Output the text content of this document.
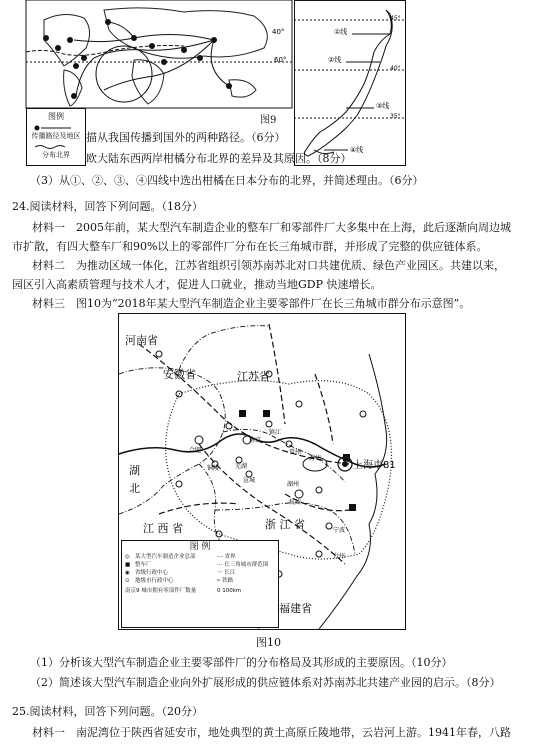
40°
60°
图例
传播路径及地区
分布北界
图9
①线
②线
③线
④线
45°
40°
35°
描从我国传播到国外的两种路径。（6分）
欧大陆东西两岸柑橘分布北界的差异及其原因。（8分）
（3）从①、②、③、④四线中选出柑橘在日本分布的北界，并简述理由。（6分）
24.阅读材料，回答下列问题。（18分）
材料一　2005年前，某大型汽车制造企业的整车厂和零部件厂大多集中在上海，此后逐渐向周边城
市扩散，有四大整车厂和90%以上的零部件厂分布在长三角城市群，并形成了完整的供应链体系。
材料二　为推动区域一体化，江苏省组织引领苏南苏北对口共建优质、绿色产业园区。共建以来，
园区引入高素质管理与技术人才，促进人口就业，推动当地GDP 快速增长。
材料三　图10为“2018年某大型汽车制造企业主要零部件厂在长三角城市群分布示意图”。
河南省
安徽省	江苏省
湖
北
江 西 省	浙 江 省
福建省
上海市81
合肥
杭州
苏州
南京
台州
湖州
镇江
常州
铜陵	芜湖
宣城
宁波
图 例
◎ 某大型汽车制造企业总部
■ 整车厂
◉ 省级行政中心
⊙ 地级市行政中心
南京9 城市拥有零部件厂数量
-·- 省界
⋯ 长三角城市群范围
～ 长江
┅ 铁路
0 100km
图10
（1）分析该大型汽车制造企业主要零部件厂的分布格局及其形成的主要原因。（10分）
（2）简述该大型汽车制造企业向外扩展形成的供应链体系对苏南苏北共建产业园的启示。（8分）
25.阅读材料，回答下列问题。（20分）
材料一　南泥湾位于陕西省延安市，地处典型的黄土高原丘陵地带，云岩河上游。1941年春，八路
